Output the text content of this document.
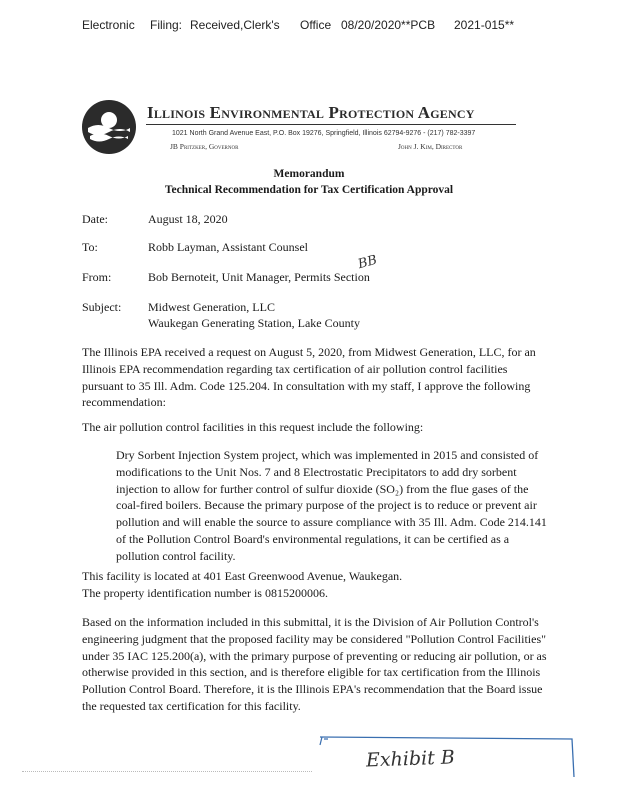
Electronic Filing: Received,Clerk's Office 08/20/2020**PCB 2021-015**
Illinois Environmental Protection Agency
1021 North Grand Avenue East, P.O. Box 19276, Springfield, Illinois 62794-9276 - (217) 782-3397
JB Pritzker, Governor	John J. Kim, Director
Memorandum
Technical Recommendation for Tax Certification Approval
Date:	August 18, 2020
To:	Robb Layman, Assistant Counsel
From:	Bob Bernoteit, Unit Manager, Permits Section
BB
Subject: Midwest Generation, LLC
Waukegan Generating Station, Lake County
The Illinois EPA received a request on August 5, 2020, from Midwest Generation, LLC, for an
Illinois EPA recommendation regarding tax certification of air pollution control facilities
pursuant to 35 Ill. Adm. Code 125.204. In consultation with my staff, I approve the following
recommendation:
The air pollution control facilities in this request include the following:
Dry Sorbent Injection System project, which was implemented in 2015 and consisted of
modifications to the Unit Nos. 7 and 8 Electrostatic Precipitators to add dry sorbent
injection to allow for further control of sulfur dioxide (SO₂) from the flue gases of the
coal-fired boilers. Because the primary purpose of the project is to reduce or prevent air
pollution and will enable the source to assure compliance with 35 Ill. Adm. Code 214.141
of the Pollution Control Board's environmental regulations, it can be certified as a
pollution control facility.
This facility is located at 401 East Greenwood Avenue, Waukegan.
The property identification number is 0815200006.
Based on the information included in this submittal, it is the Division of Air Pollution Control's
engineering judgment that the proposed facility may be considered "Pollution Control Facilities"
under 35 IAC 125.200(a), with the primary purpose of preventing or reducing air pollution, or as
otherwise provided in this section, and is therefore eligible for tax certification from the Illinois
Pollution Control Board. Therefore, it is the Illinois EPA's recommendation that the Board issue
the requested tax certification for this facility.
Exhibit B
